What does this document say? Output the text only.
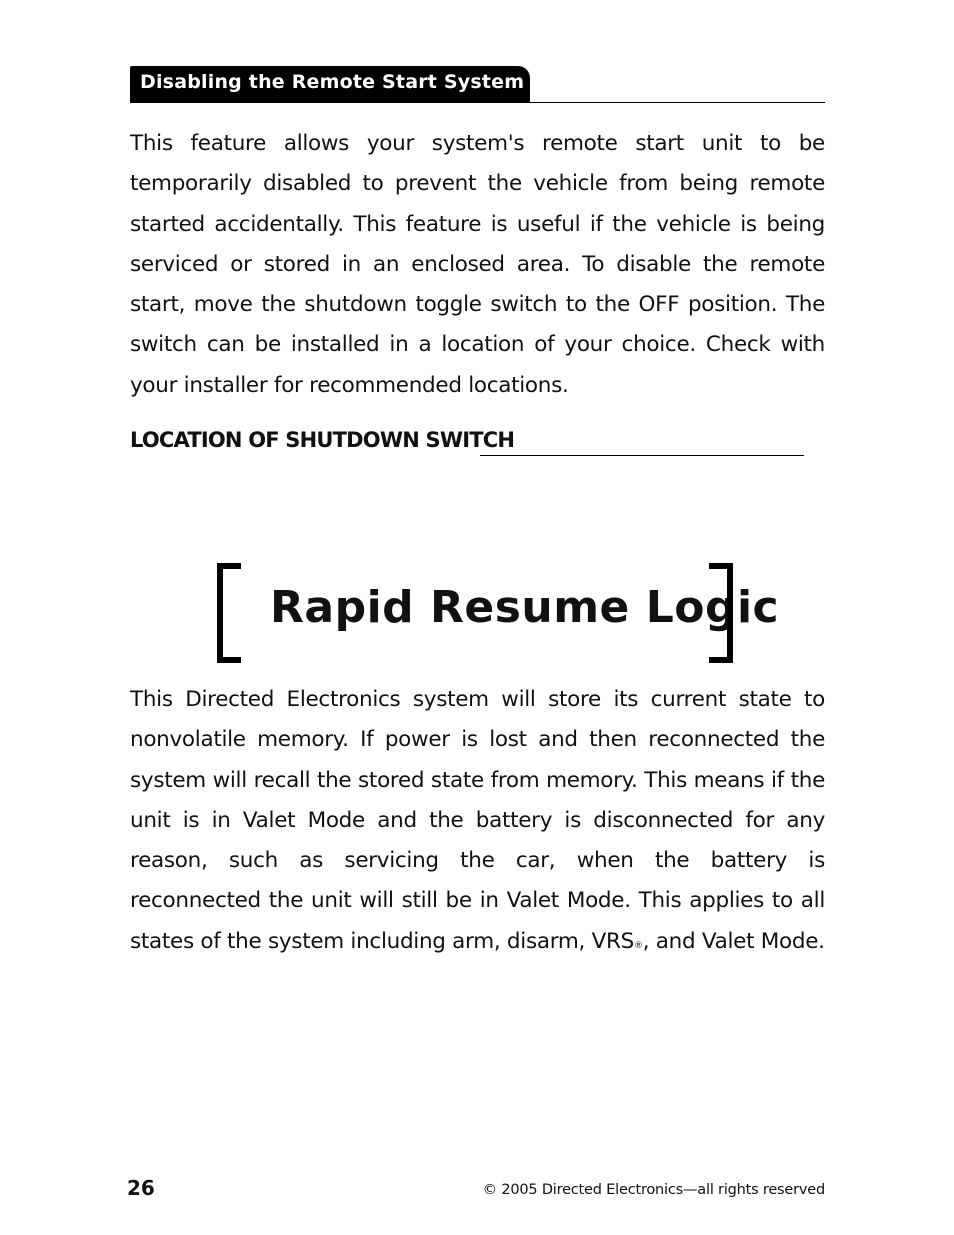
Disabling the Remote Start System

This feature allows your system's remote start unit to be temporarily disabled to prevent the vehicle from being remote started accidentally. This feature is useful if the vehicle is being serviced or stored in an enclosed area. To disable the remote start, move the shutdown toggle switch to the OFF position. The switch can be installed in a location of your choice. Check with your installer for recommended locations.

LOCATION OF SHUTDOWN SWITCH
Rapid Resume Logic

This Directed Electronics system will store its current state to nonvolatile memory. If power is lost and then reconnected the system will recall the stored state from memory. This means if the unit is in Valet Mode and the battery is disconnected for any reason, such as servicing the car, when the battery is reconnected the unit will still be in Valet Mode. This applies to all states of the system including arm, disarm, VRS®, and Valet Mode.

26	© 2005 Directed Electronics—all rights reserved
